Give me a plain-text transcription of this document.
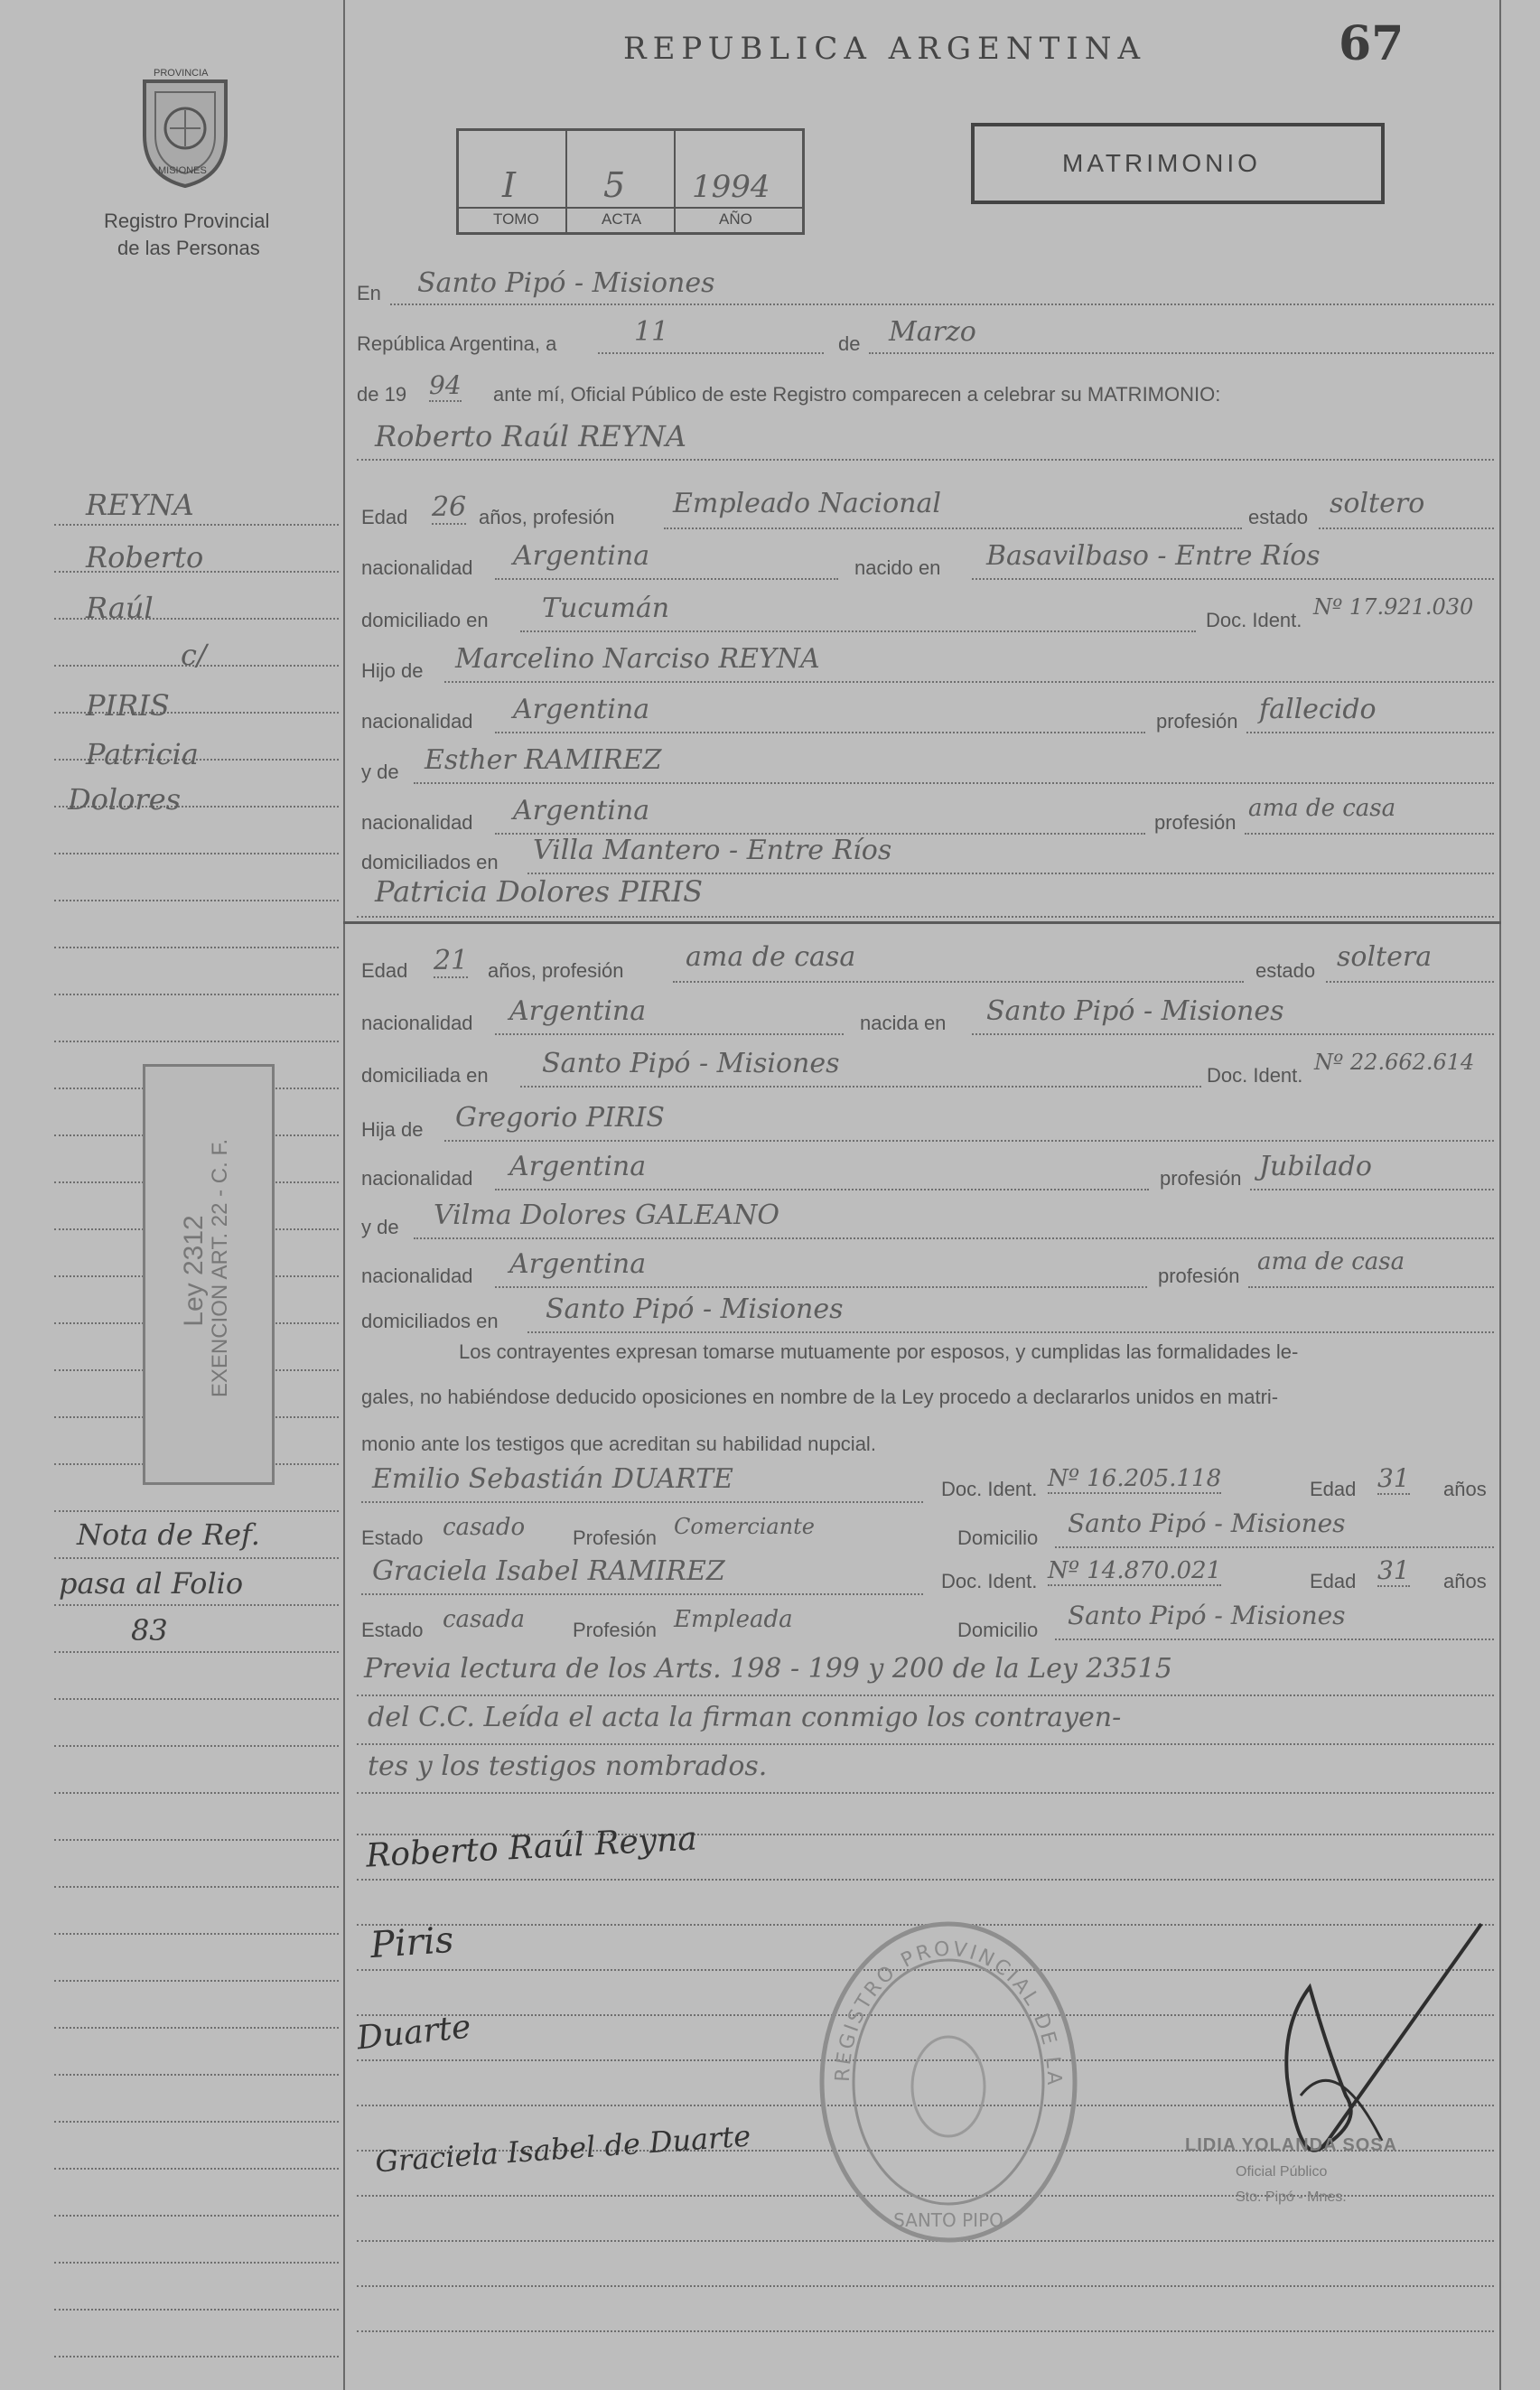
REPUBLICA ARGENTINA	67
PROVINCIA
MISIONES
Registro Provincial
de las Personas
I	5 1994
TOMO	ACTA	AÑO
MATRIMONIO
En	Santo Pipó - Misiones
República Argentina, a	11	de	Marzo
de 19 94 ante mí, Oficial Público de este Registro comparecen a celebrar su MATRIMONIO:
Roberto Raúl REYNA
Edad 26 años, profesión	Empleado Nacional	estado soltero
nacionalidad	Argentina	nacido en	Basavilbaso - Entre Ríos
domiciliado en	Tucumán	Doc. Ident.
Nº 17.921.030
Hijo de	Marcelino Narciso REYNA
nacionalidad	Argentina	profesión fallecido
y de Esther RAMIREZ
nacionalidad	Argentina	profesión
ama de casa
domiciliados en Villa Mantero - Entre Ríos
Patricia Dolores PIRIS
Edad 21 años, profesión	ama de casa	estado soltera
nacionalidad	Argentina	nacida en	Santo Pipó - Misiones
domiciliada en	Santo Pipó - Misiones	Doc. Ident.
Nº 22.662.614
Hija de	Gregorio PIRIS
nacionalidad	Argentina	profesión Jubilado
y de	Vilma Dolores GALEANO
nacionalidad	Argentina	profesión
ama de casa
domiciliados en	Santo Pipó - Misiones
Los contrayentes expresan tomarse mutuamente por esposos, y cumplidas las formalidades le-
gales, no habiéndose deducido oposiciones en nombre de la Ley procedo a declararlos unidos en matri-
monio ante los testigos que acreditan su habilidad nupcial.
Emilio Sebastián DUARTE	Doc. Ident. Nº 16.205.118	Edad 31 años
Estado casado Profesión Comerciante	Domicilio	Santo Pipó - Misiones
Graciela Isabel RAMIREZ	Doc. Ident. Nº 14.870.021	Edad 31 años
Estado casada Profesión Empleada	Domicilio	Santo Pipó - Misiones
Previa lectura de los Arts. 198 - 199 y 200 de la Ley 23515
del C.C. Leída el acta la firman conmigo los contrayen-
tes y los testigos nombrados.
Roberto Raúl Reyna
Piris
Duarte
Graciela Isabel de Duarte
REGISTRO PROVINCIAL DE LA
SANTO PIPO
LIDIA YOLANDA SOSA
Oficial Público
Sto. Pipó - Mnes.
REYNA
Roberto
Raúl
c/
PIRIS
Patricia
Dolores
Ley 2312 EXENCION ART. 22 - C. F.
Nota de Ref.
pasa al Folio
83
